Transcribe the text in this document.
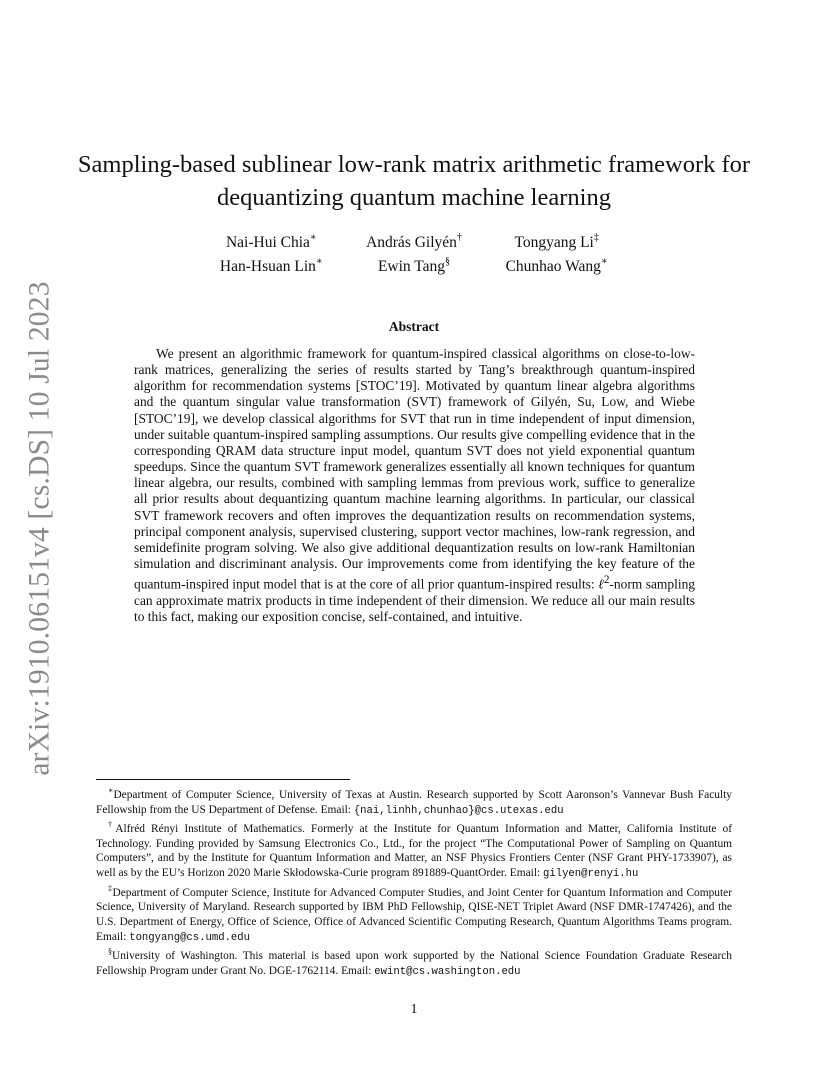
arXiv:1910.06151v4 [cs.DS] 10 Jul 2023
Sampling-based sublinear low-rank matrix arithmetic framework for
dequantizing quantum machine learning
Nai-Hui Chia∗	András Gilyén†	Tongyang Li‡
Han-Hsuan Lin∗	Ewin Tang§	Chunhao Wang∗
Abstract

We present an algorithmic framework for quantum-inspired classical algorithms on close-to-low-rank matrices, generalizing the series of results started by Tang’s breakthrough quantum-inspired algorithm for recommendation systems [STOC’19]. Motivated by quantum linear algebra algorithms and the quantum singular value transformation (SVT) framework of Gilyén, Su, Low, and Wiebe [STOC’19], we develop classical algorithms for SVT that run in time independent of input dimension, under suitable quantum-inspired sampling assumptions. Our results give compelling evidence that in the corresponding QRAM data structure input model, quantum SVT does not yield exponential quantum speedups. Since the quantum SVT framework generalizes essentially all known techniques for quantum linear algebra, our results, combined with sampling lemmas from previous work, suffice to generalize all prior results about dequantizing quantum machine learning algorithms. In particular, our classical SVT framework recovers and often improves the dequantization results on recommendation systems, principal component analysis, supervised clustering, support vector machines, low-rank regression, and semidefinite program solving. We also give additional dequantization results on low-rank Hamiltonian simulation and discriminant analysis. Our improvements come from identifying the key feature of the quantum-inspired input model that is at the core of all prior quantum-inspired results: ℓ$^2$-norm sampling can approximate matrix products in time independent of their dimension. We reduce all our main results to this fact, making our exposition concise, self-contained, and intuitive.

∗Department of Computer Science, University of Texas at Austin. Research supported by Scott Aaronson’s Vannevar Bush Faculty Fellowship from the US Department of Defense. Email: {nai,linhh,chunhao}@cs.utexas.edu

†Alfréd Rényi Institute of Mathematics. Formerly at the Institute for Quantum Information and Matter, California Institute of Technology. Funding provided by Samsung Electronics Co., Ltd., for the project “The Computational Power of Sampling on Quantum Computers”, and by the Institute for Quantum Information and Matter, an NSF Physics Frontiers Center (NSF Grant PHY-1733907), as well as by the EU’s Horizon 2020 Marie Skłodowska-Curie program 891889-QuantOrder. Email: gilyen@renyi.hu

‡Department of Computer Science, Institute for Advanced Computer Studies, and Joint Center for Quantum Information and Computer Science, University of Maryland. Research supported by IBM PhD Fellowship, QISE-NET Triplet Award (NSF DMR-1747426), and the U.S. Department of Energy, Office of Science, Office of Advanced Scientific Computing Research, Quantum Algorithms Teams program. Email: tongyang@cs.umd.edu

§University of Washington. This material is based upon work supported by the National Science Foundation Graduate Research Fellowship Program under Grant No. DGE-1762114. Email: ewint@cs.washington.edu

1
